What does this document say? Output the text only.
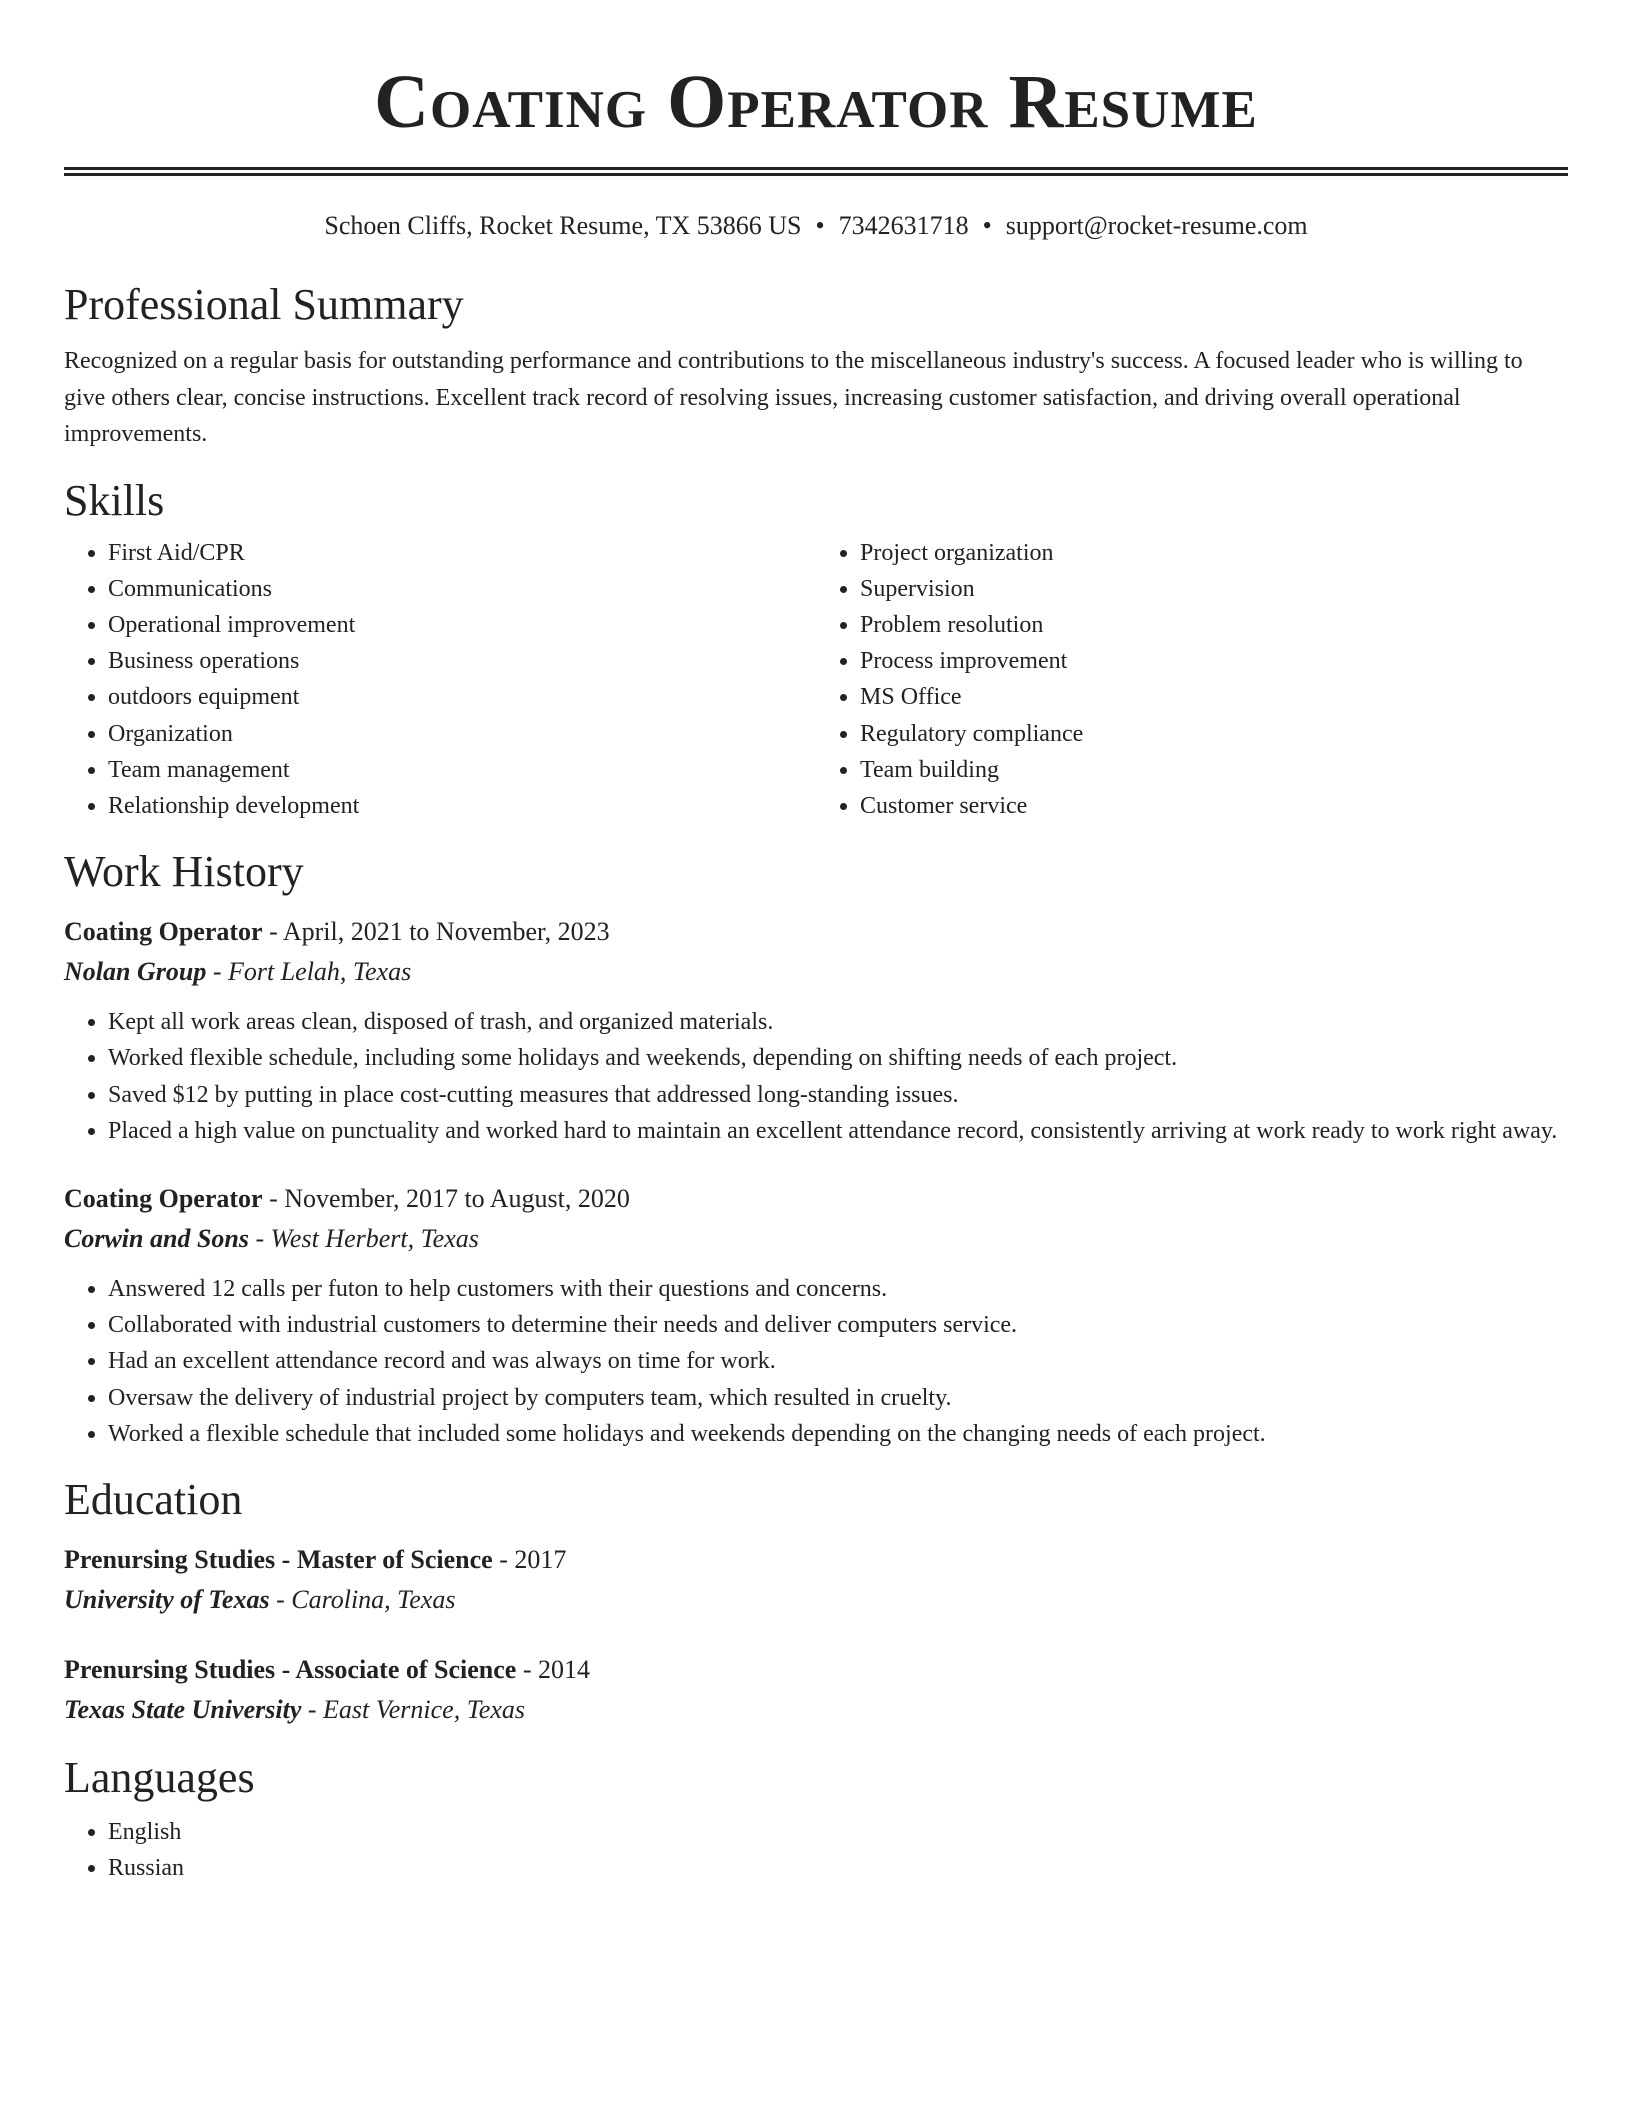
Coating Operator Resume
Schoen Cliffs, Rocket Resume, TX 53866 US • 7342631718 • support@rocket-resume.com
Professional Summary

Recognized on a regular basis for outstanding performance and contributions to the miscellaneous industry's success. A focused leader who is willing to give others clear, concise instructions. Excellent track record of resolving issues, increasing customer satisfaction, and driving overall operational improvements.

Skills
• First Aid/CPR
• Communications
• Operational improvement
• Business operations
• outdoors equipment
• Organization
• Team management
• Relationship development
• Project organization
• Supervision
• Problem resolution
• Process improvement
• MS Office
• Regulatory compliance
• Team building
• Customer service
Work History
Coating Operator - April, 2021 to November, 2023
Nolan Group - Fort Lelah, Texas
• Kept all work areas clean, disposed of trash, and organized materials.
• Worked flexible schedule, including some holidays and weekends, depending on shifting needs of each project.
• Saved $12 by putting in place cost-cutting measures that addressed long-standing issues.
• Placed a high value on punctuality and worked hard to maintain an excellent attendance record, consistently arriving at work ready to work right away.
Coating Operator - November, 2017 to August, 2020
Corwin and Sons - West Herbert, Texas
• Answered 12 calls per futon to help customers with their questions and concerns.
• Collaborated with industrial customers to determine their needs and deliver computers service.
• Had an excellent attendance record and was always on time for work.
• Oversaw the delivery of industrial project by computers team, which resulted in cruelty.
• Worked a flexible schedule that included some holidays and weekends depending on the changing needs of each project.
Education
Prenursing Studies - Master of Science - 2017
University of Texas - Carolina, Texas
Prenursing Studies - Associate of Science - 2014
Texas State University - East Vernice, Texas
Languages
• English
• Russian
